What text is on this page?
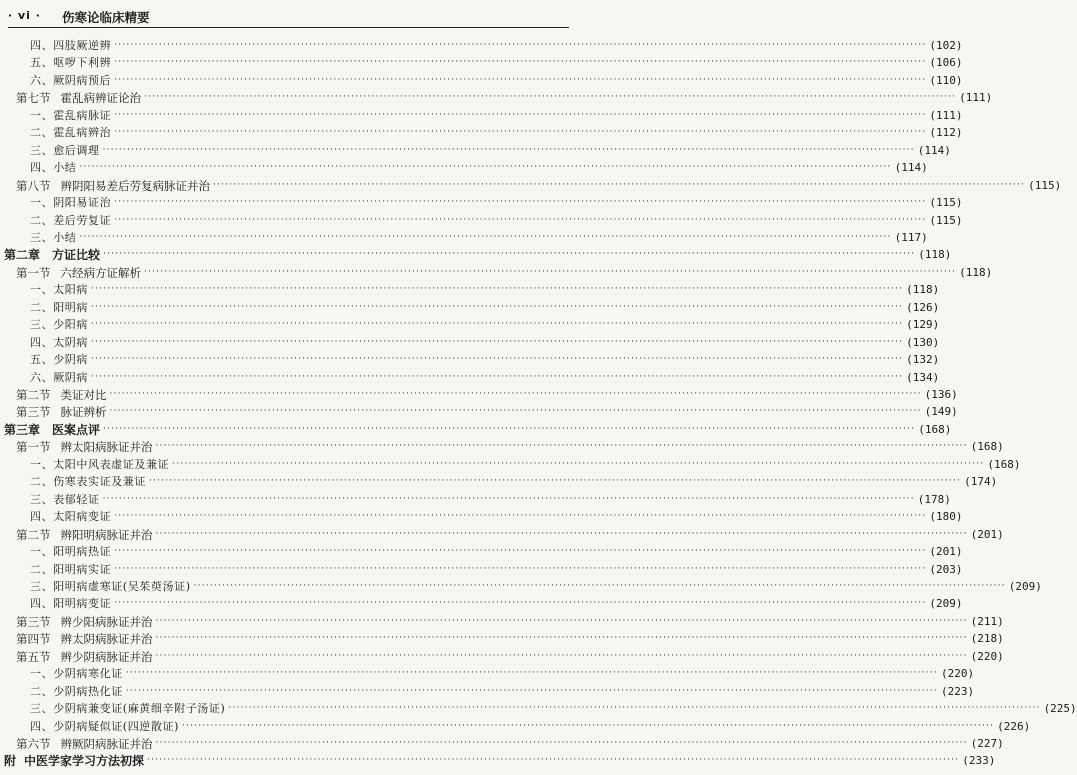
· vi · 伤寒论临床精要
四、四肢厥逆辨 ········································································································································································································ (102)
五、呕哕下利辨 ········································································································································································································ (106)
六、厥阴病预后 ········································································································································································································ (110)
第七节 霍乱病辨证论治 ········································································································································································································ (111)
一、霍乱病脉证 ········································································································································································································ (111)
二、霍乱病辨治 ········································································································································································································ (112)
三、愈后调理 ········································································································································································································ (114)
四、小结 ········································································································································································································ (114)
第八节 辨阴阳易差后劳复病脉证并治 ········································································································································································································ (115)
一、阴阳易证治 ········································································································································································································ (115)
二、差后劳复证 ········································································································································································································ (115)
三、小结 ········································································································································································································ (117)
第二章 方证比较 ········································································································································································································ (118)
第一节 六经病方证解析 ········································································································································································································ (118)
一、太阳病 ········································································································································································································ (118)
二、阳明病 ········································································································································································································ (126)
三、少阳病 ········································································································································································································ (129)
四、太阴病 ········································································································································································································ (130)
五、少阴病 ········································································································································································································ (132)
六、厥阴病 ········································································································································································································ (134)
第二节 类证对比 ········································································································································································································ (136)
第三节 脉证辨析 ········································································································································································································ (149)
第三章 医案点评 ········································································································································································································ (168)
第一节 辨太阳病脉证并治 ········································································································································································································ (168)
一、太阳中风表虚证及兼证 ········································································································································································································ (168)
二、伤寒表实证及兼证 ········································································································································································································ (174)
三、表郁轻证 ········································································································································································································ (178)
四、太阳病变证 ········································································································································································································ (180)
第二节 辨阳明病脉证并治 ········································································································································································································ (201)
一、阳明病热证 ········································································································································································································ (201)
二、阳明病实证 ········································································································································································································ (203)
三、阳明病虚寒证(吴茱萸汤证) ········································································································································································································ (209)
四、阳明病变证 ········································································································································································································ (209)
第三节 辨少阳病脉证并治 ········································································································································································································ (211)
第四节 辨太阴病脉证并治 ········································································································································································································ (218)
第五节 辨少阴病脉证并治 ········································································································································································································ (220)
一、少阴病寒化证 ········································································································································································································ (220)
二、少阴病热化证 ········································································································································································································ (223)
三、少阴病兼变证(麻黄细辛附子汤证) ········································································································································································································ (225)
四、少阴病疑似证(四逆散证) ········································································································································································································ (226)
第六节 辨厥阴病脉证并治 ········································································································································································································ (227)
附 中医学家学习方法初探 ········································································································································································································ (233)
